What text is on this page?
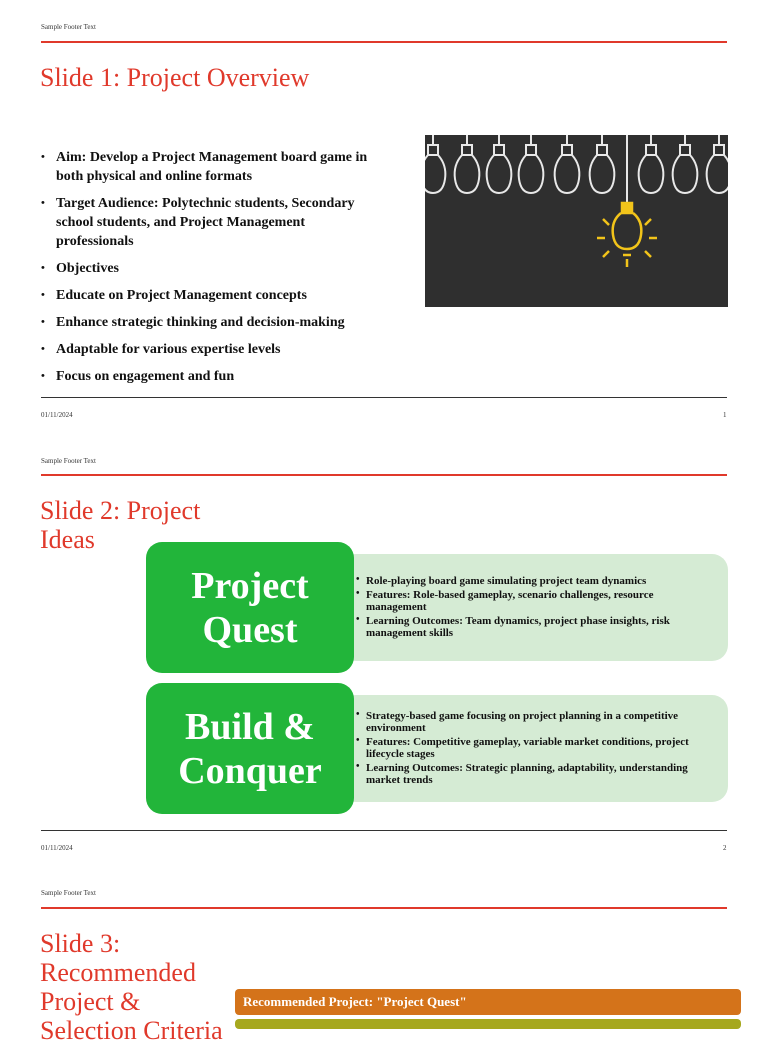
Sample Footer Text
Slide 1: Project Overview
• Aim: Develop a Project Management board game in both physical and online formats
• Target Audience: Polytechnic students, Secondary school students, and Project Management professionals
• Objectives
• Educate on Project Management concepts
• Enhance strategic thinking and decision-making
• Adaptable for various expertise levels
• Focus on engagement and fun
01/11/2024	1
Sample Footer Text
Slide 2: Project
Ideas
• Role-playing board game simulating project team dynamics
• Features: Role-based gameplay, scenario challenges, resource management
• Learning Outcomes: Team dynamics, project phase insights, risk management skills
Project
Quest
• Strategy-based game focusing on project planning in a competitive environment
• Features: Competitive gameplay, variable market conditions, project lifecycle stages
• Learning Outcomes: Strategic planning, adaptability, understanding market trends
Build &
Conquer
01/11/2024	2
Sample Footer Text
Slide 3:
Recommended
Project &
Selection Criteria
Recommended Project: "Project Quest"
